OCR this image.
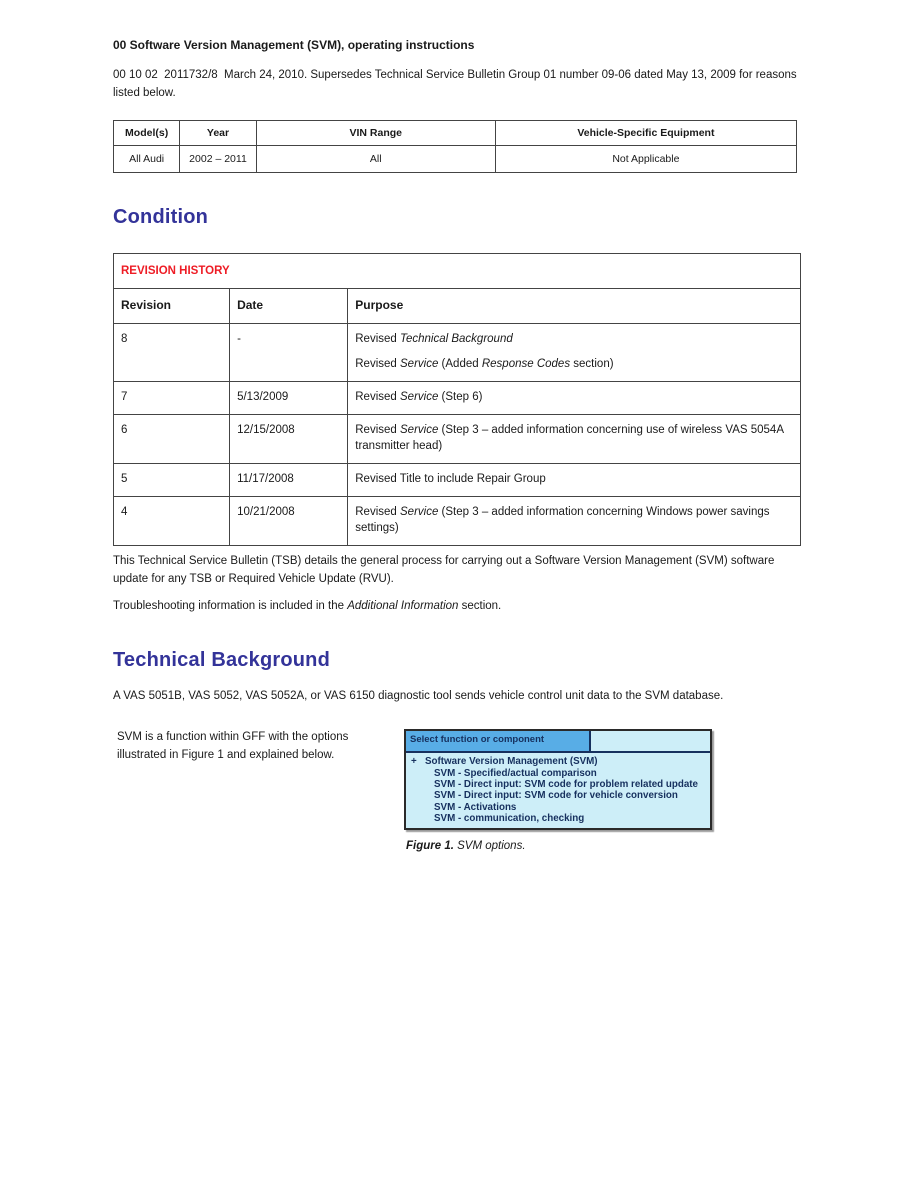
00 Software Version Management (SVM), operating instructions

00 10 02  2011732/8  March 24, 2010. Supersedes Technical Service Bulletin Group 01 number 09-06 dated May 13, 2009 for reasons listed below.

Model(s)	Year	VIN Range	Vehicle-Specific Equipment
All Audi	2002 – 2011	All	Not Applicable
Condition
REVISION HISTORY		
Revision	Date	Purpose
8	-	Revised Technical Background
Revised Service (Added Response Codes section)

7	5/13/2009	Revised Service (Step 6)

6	12/15/2008	Revised Service (Step 3 – added information concerning use of wireless VAS 5054A transmitter head)

5	11/17/2008	Revised Title to include Repair Group

4	10/21/2008	Revised Service (Step 3 – added information concerning Windows power savings settings)

This Technical Service Bulletin (TSB) details the general process for carrying out a Software Version Management (SVM) software update for any TSB or Required Vehicle Update (RVU).

Troubleshooting information is included in the Additional Information section.

Technical Background

A VAS 5051B, VAS 5052, VAS 5052A, or VAS 6150 diagnostic tool sends vehicle control unit data to the SVM database.

SVM is a function within GFF with the options illustrated in Figure 1 and explained below.

Select function or component
+ Software Version Management (SVM)
SVM - Specified/actual comparison
SVM - Direct input: SVM code for problem related update
SVM - Direct input: SVM code for vehicle conversion
SVM - Activations
SVM - communication, checking

Figure 1. SVM options.
